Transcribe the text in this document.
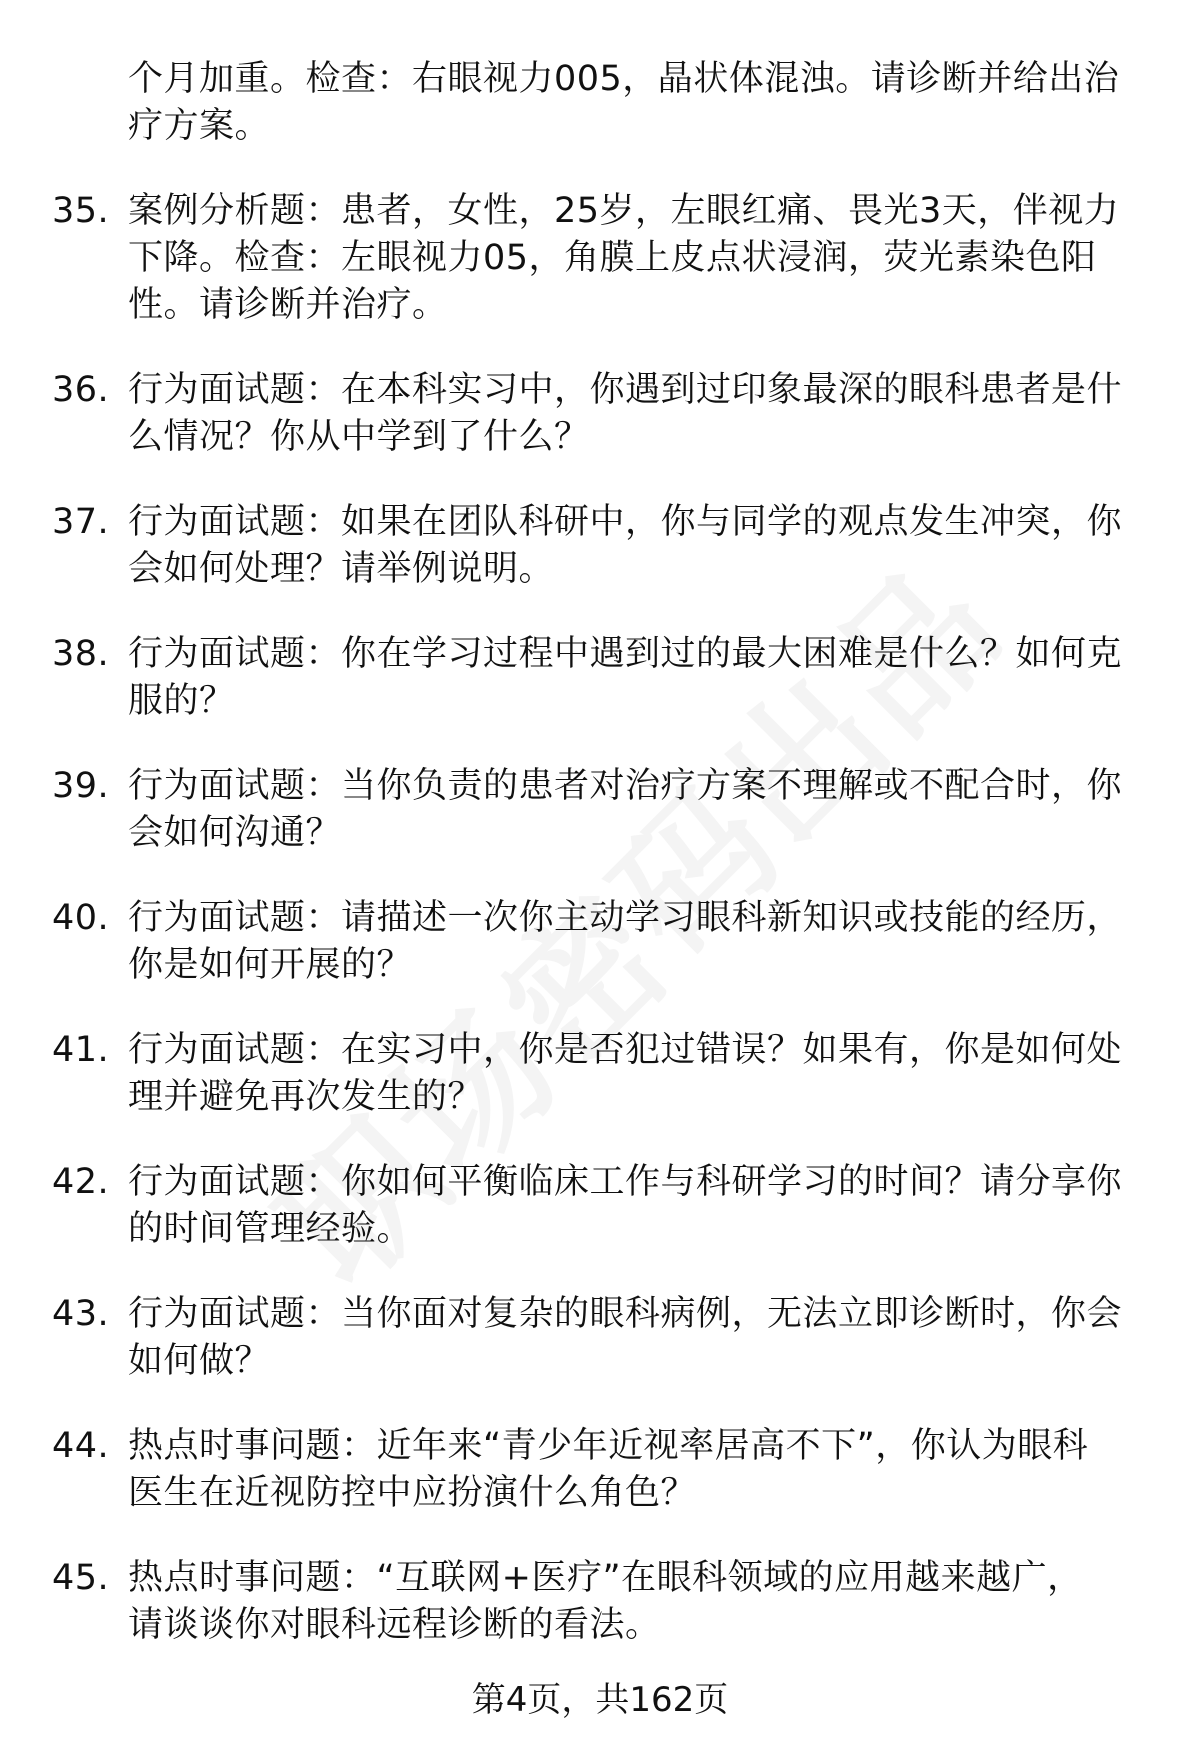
个月加重。检查：右眼视力005，晶状体混浊。请诊断并给出治
疗方案。
35. 案例分析题：患者，女性，25岁，左眼红痛、畏光3天，伴视力
下降。检查：左眼视力05，角膜上皮点状浸润，荧光素染色阳
性。请诊断并治疗。
36. 行为面试题：在本科实习中，你遇到过印象最深的眼科患者是什
么情况？你从中学到了什么？
37. 行为面试题：如果在团队科研中，你与同学的观点发生冲突，你
会如何处理？请举例说明。
38. 行为面试题：你在学习过程中遇到过的最大困难是什么？如何克
服的？
39. 行为面试题：当你负责的患者对治疗方案不理解或不配合时，你
会如何沟通？
40. 行为面试题：请描述一次你主动学习眼科新知识或技能的经历，
你是如何开展的？
41. 行为面试题：在实习中，你是否犯过错误？如果有，你是如何处
理并避免再次发生的？
42. 行为面试题：你如何平衡临床工作与科研学习的时间？请分享你
的时间管理经验。
43. 行为面试题：当你面对复杂的眼科病例，无法立即诊断时，你会
如何做？
44. 热点时事问题：近年来“青少年近视率居高不下”，你认为眼科
医生在近视防控中应扮演什么角色？
45. 热点时事问题：“互联网+医疗”在眼科领域的应用越来越广，
请谈谈你对眼科远程诊断的看法。
第4页，共162页
